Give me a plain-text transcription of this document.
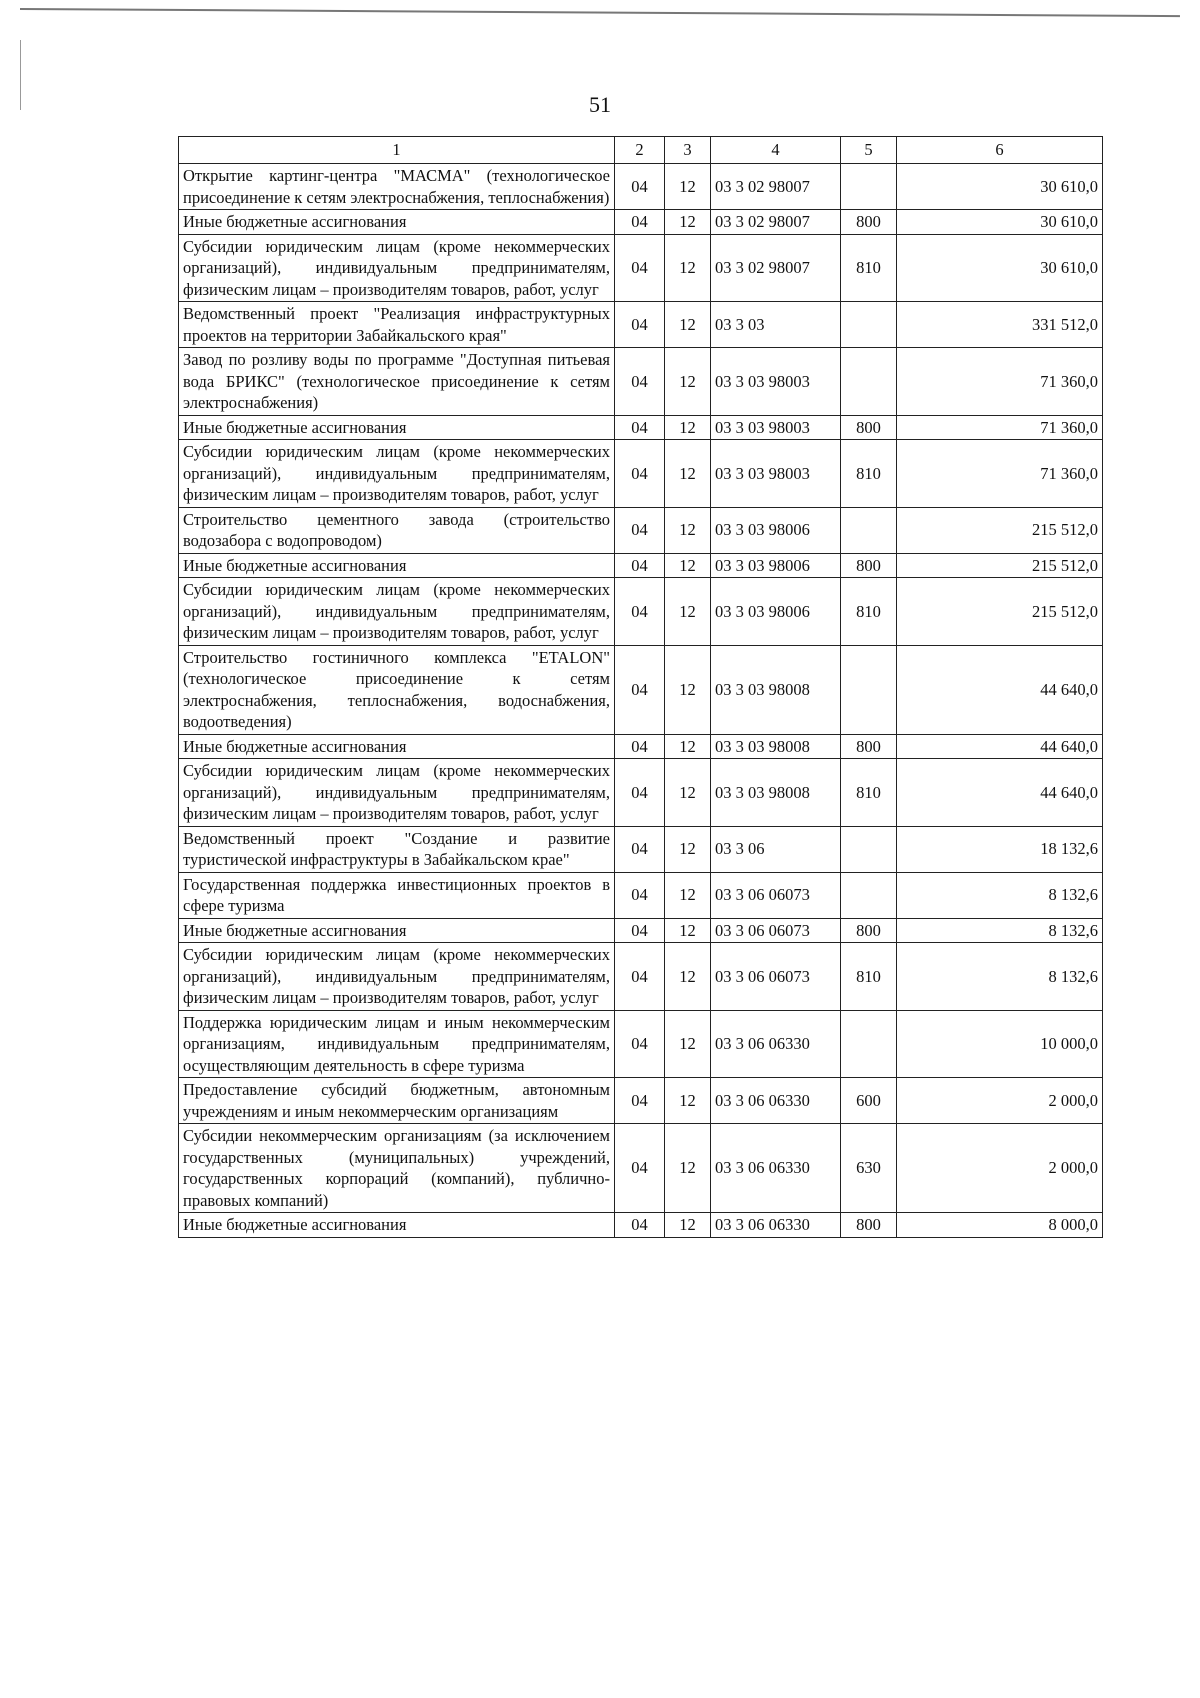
51
1	2	3	4	5	6
Открытие картинг-центра "МАСМА" (технологическое присоединение к сетям электроснабжения, теплоснабжения)	04	12	03 3 02 98007		30 610,0
Иные бюджетные ассигнования	04	12	03 3 02 98007	800	30 610,0
Субсидии юридическим лицам (кроме некоммерческих организаций), индивидуальным предпринимателям, физическим лицам – производителям товаров, работ, услуг	04	12	03 3 02 98007	810	30 610,0
Ведомственный проект "Реализация инфраструктурных проектов на территории Забайкальского края"	04	12	03 3 03		331 512,0
Завод по розливу воды по программе "Доступная питьевая вода БРИКС" (технологическое присоединение к сетям электроснабжения)	04	12	03 3 03 98003		71 360,0
Иные бюджетные ассигнования	04	12	03 3 03 98003	800	71 360,0
Субсидии юридическим лицам (кроме некоммерческих организаций), индивидуальным предпринимателям, физическим лицам – производителям товаров, работ, услуг	04	12	03 3 03 98003	810	71 360,0
Строительство цементного завода (строительство водозабора с водопроводом)	04	12	03 3 03 98006		215 512,0
Иные бюджетные ассигнования	04	12	03 3 03 98006	800	215 512,0
Субсидии юридическим лицам (кроме некоммерческих организаций), индивидуальным предпринимателям, физическим лицам – производителям товаров, работ, услуг	04	12	03 3 03 98006	810	215 512,0
Строительство гостиничного комплекса "ETALON" (технологическое присоединение к сетям электроснабжения, теплоснабжения, водоснабжения, водоотведения)	04	12	03 3 03 98008		44 640,0
Иные бюджетные ассигнования	04	12	03 3 03 98008	800	44 640,0
Субсидии юридическим лицам (кроме некоммерческих организаций), индивидуальным предпринимателям, физическим лицам – производителям товаров, работ, услуг	04	12	03 3 03 98008	810	44 640,0
Ведомственный проект "Создание и развитие туристической инфраструктуры в Забайкальском крае"	04	12	03 3 06		18 132,6
Государственная поддержка инвестиционных проектов в сфере туризма	04	12	03 3 06 06073		8 132,6
Иные бюджетные ассигнования	04	12	03 3 06 06073	800	8 132,6
Субсидии юридическим лицам (кроме некоммерческих организаций), индивидуальным предпринимателям, физическим лицам – производителям товаров, работ, услуг	04	12	03 3 06 06073	810	8 132,6
Поддержка юридическим лицам и иным некоммерческим организациям, индивидуальным предпринимателям, осуществляющим деятельность в сфере туризма	04	12	03 3 06 06330		10 000,0
Предоставление субсидий бюджетным, автономным учреждениям и иным некоммерческим организациям	04	12	03 3 06 06330	600	2 000,0
Субсидии некоммерческим организациям (за исключением государственных (муниципальных) учреждений, государственных корпораций (компаний), публично-правовых компаний)	04	12	03 3 06 06330	630	2 000,0
Иные бюджетные ассигнования	04	12	03 3 06 06330	800	8 000,0
